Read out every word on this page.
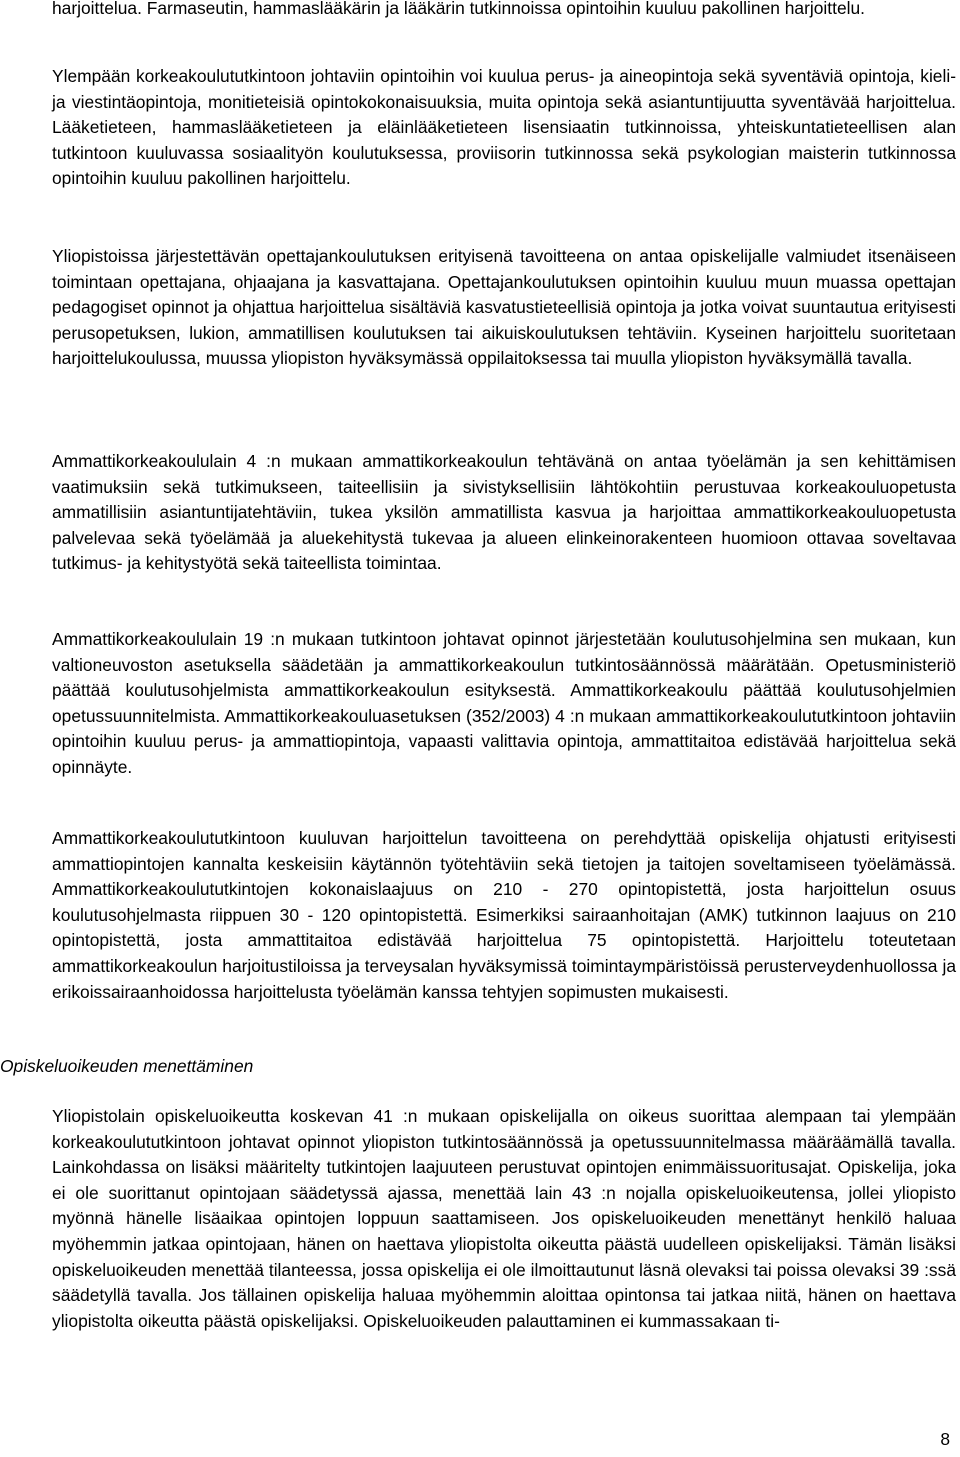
harjoittelua. Farmaseutin, hammaslääkärin ja lääkärin tutkinnoissa opintoihin kuuluu pakollinen harjoittelu.

Ylempään korkeakoulututkintoon johtaviin opintoihin voi kuulua perus- ja aineopintoja sekä syventäviä opintoja, kieli- ja viestintäopintoja, monitieteisiä opintokokonaisuuksia, muita opintoja sekä asiantuntijuutta syventävää harjoittelua. Lääketieteen, hammaslääketieteen ja eläinlääketieteen lisensiaatin tutkinnoissa, yhteiskuntatieteellisen alan tutkintoon kuuluvassa sosiaalityön koulutuksessa, proviisorin tutkinnossa sekä psykologian maisterin tutkinnossa opintoihin kuuluu pakollinen harjoittelu.

Yliopistoissa järjestettävän opettajankoulutuksen erityisenä tavoitteena on antaa opiskelijalle valmiudet itsenäiseen toimintaan opettajana, ohjaajana ja kasvattajana. Opettajankoulutuksen opintoihin kuuluu muun muassa opettajan pedagogiset opinnot ja ohjattua harjoittelua sisältäviä kasvatustieteellisiä opintoja ja jotka voivat suuntautua erityisesti perusopetuksen, lukion, ammatillisen koulutuksen tai aikuiskoulutuksen tehtäviin. Kyseinen harjoittelu suoritetaan harjoittelukoulussa, muussa yliopiston hyväksymässä oppilaitoksessa tai muulla yliopiston hyväksymällä tavalla.

Ammattikorkeakoululain 4 :n mukaan ammattikorkeakoulun tehtävänä on antaa työelämän ja sen kehittämisen vaatimuksiin sekä tutkimukseen, taiteellisiin ja sivistyksellisiin lähtökohtiin perustuvaa korkeakouluopetusta ammatillisiin asiantuntijatehtäviin, tukea yksilön ammatillista kasvua ja harjoittaa ammattikorkeakouluopetusta palvelevaa sekä työelämää ja aluekehitystä tukevaa ja alueen elinkeinorakenteen huomioon ottavaa soveltavaa tutkimus- ja kehitystyötä sekä taiteellista toimintaa.

Ammattikorkeakoululain 19 :n mukaan tutkintoon johtavat opinnot järjestetään koulutusohjelmina sen mukaan, kun valtioneuvoston asetuksella säädetään ja ammattikorkeakoulun tutkintosäännössä määrätään. Opetusministeriö päättää koulutusohjelmista ammattikorkeakoulun esityksestä. Ammattikorkeakoulu päättää koulutusohjelmien opetussuunnitelmista. Ammattikorkeakouluasetuksen (352/2003) 4 :n mukaan ammattikorkeakoulututkintoon johtaviin opintoihin kuuluu perus- ja ammattiopintoja, vapaasti valittavia opintoja, ammattitaitoa edistävää harjoittelua sekä opinnäyte.

Ammattikorkeakoulututkintoon kuuluvan harjoittelun tavoitteena on perehdyttää opiskelija ohjatusti erityisesti ammattiopintojen kannalta keskeisiin käytännön työtehtäviin sekä tietojen ja taitojen soveltamiseen työelämässä. Ammattikorkeakoulututkintojen kokonaislaajuus on 210 - 270 opintopistettä, josta harjoittelun osuus koulutusohjelmasta riippuen 30 - 120 opintopistettä. Esimerkiksi sairaanhoitajan (AMK) tutkinnon laajuus on 210 opintopistettä, josta ammattitaitoa edistävää harjoittelua 75 opintopistettä. Harjoittelu toteutetaan ammattikorkeakoulun harjoitustiloissa ja terveysalan hyväksymissä toimintaympäristöissä perusterveydenhuollossa ja erikoissairaanhoidossa harjoittelusta työelämän kanssa tehtyjen sopimusten mukaisesti.

Opiskeluoikeuden menettäminen

Yliopistolain opiskeluoikeutta koskevan 41 :n mukaan opiskelijalla on oikeus suorittaa alempaan tai ylempään korkeakoulututkintoon johtavat opinnot yliopiston tutkintosäännössä ja opetussuunnitelmassa määräämällä tavalla. Lainkohdassa on lisäksi määritelty tutkintojen laajuuteen perustuvat opintojen enimmäissuoritusajat. Opiskelija, joka ei ole suorittanut opintojaan säädetyssä ajassa, menettää lain 43 :n nojalla opiskeluoikeutensa, jollei yliopisto myönnä hänelle lisäaikaa opintojen loppuun saattamiseen. Jos opiskeluoikeuden menettänyt henkilö haluaa myöhemmin jatkaa opintojaan, hänen on haettava yliopistolta oikeutta päästä uudelleen opiskelijaksi. Tämän lisäksi opiskeluoikeuden menettää tilanteessa, jossa opiskelija ei ole ilmoittautunut läsnä olevaksi tai poissa olevaksi 39 :ssä säädetyllä tavalla. Jos tällainen opiskelija haluaa myöhemmin aloittaa opintonsa tai jatkaa niitä, hänen on haettava yliopistolta oikeutta päästä opiskelijaksi. Opiskeluoikeuden palauttaminen ei kummassakaan ti-

8
